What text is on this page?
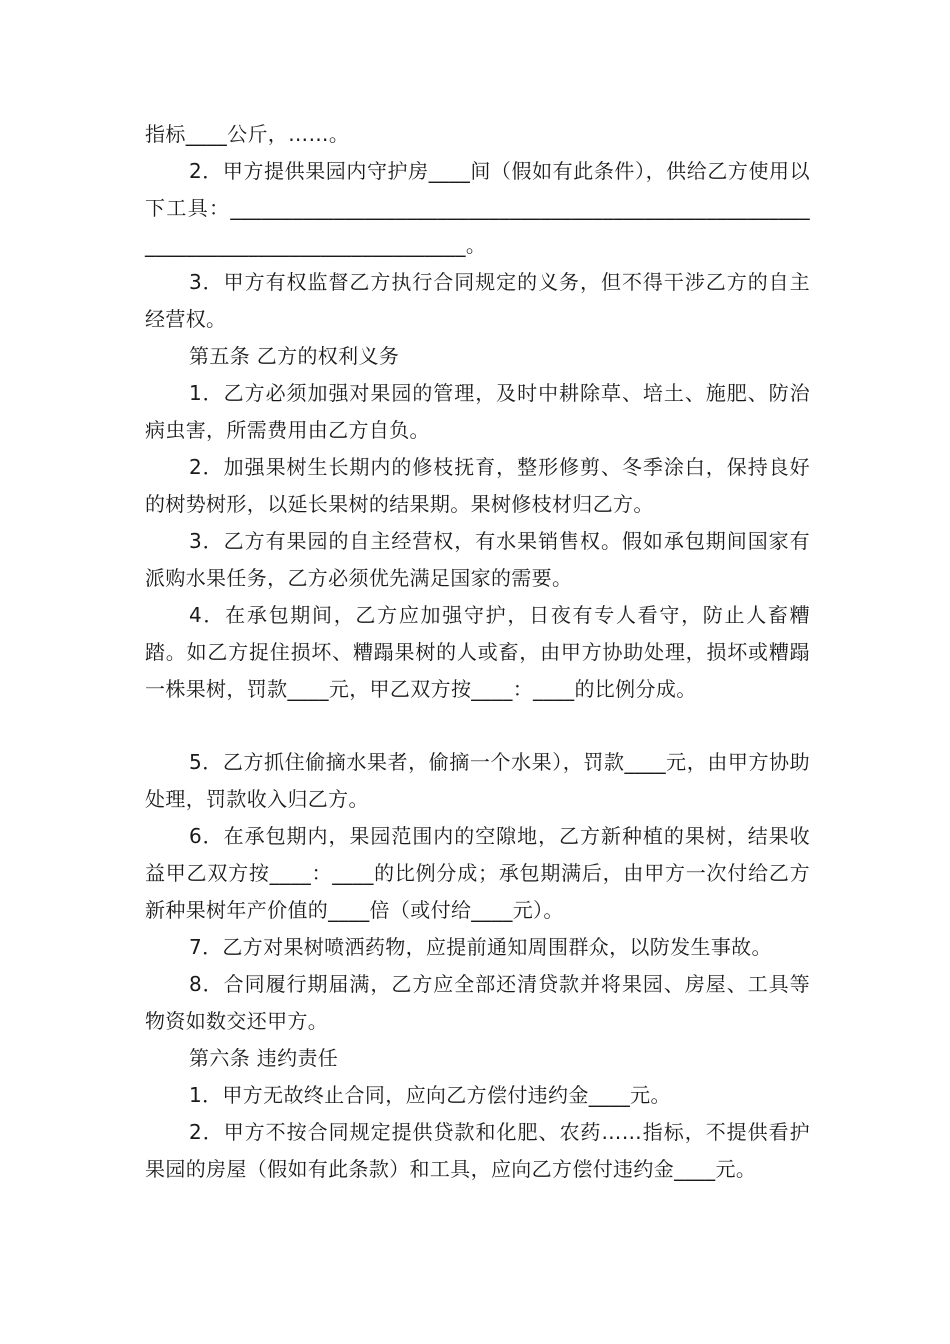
指标____公斤，……。

2．甲方提供果园内守护房____间（假如有此条件），供给乙方使用以下工具：_______________________________________________________________________________________。

3．甲方有权监督乙方执行合同规定的义务，但不得干涉乙方的自主经营权。

第五条 乙方的权利义务

1．乙方必须加强对果园的管理，及时中耕除草、培土、施肥、防治病虫害，所需费用由乙方自负。

2．加强果树生长期内的修枝抚育，整形修剪、冬季涂白，保持良好的树势树形，以延长果树的结果期。果树修枝材归乙方。

3．乙方有果园的自主经营权，有水果销售权。假如承包期间国家有派购水果任务，乙方必须优先满足国家的需要。

4．在承包期间，乙方应加强守护，日夜有专人看守，防止人畜糟踏。如乙方捉住损坏、糟蹋果树的人或畜，由甲方协助处理，损坏或糟蹋一株果树，罚款____元，甲乙双方按____：____的比例分成。

5．乙方抓住偷摘水果者，偷摘一个水果），罚款____元，由甲方协助处理，罚款收入归乙方。

6．在承包期内，果园范围内的空隙地，乙方新种植的果树，结果收益甲乙双方按____：____的比例分成；承包期满后，由甲方一次付给乙方新种果树年产价值的____倍（或付给____元）。

7．乙方对果树喷洒药物，应提前通知周围群众，以防发生事故。

8．合同履行期届满，乙方应全部还清贷款并将果园、房屋、工具等物资如数交还甲方。

第六条 违约责任

1．甲方无故终止合同，应向乙方偿付违约金____元。

2．甲方不按合同规定提供贷款和化肥、农药……指标，不提供看护果园的房屋（假如有此条款）和工具，应向乙方偿付违约金____元。
